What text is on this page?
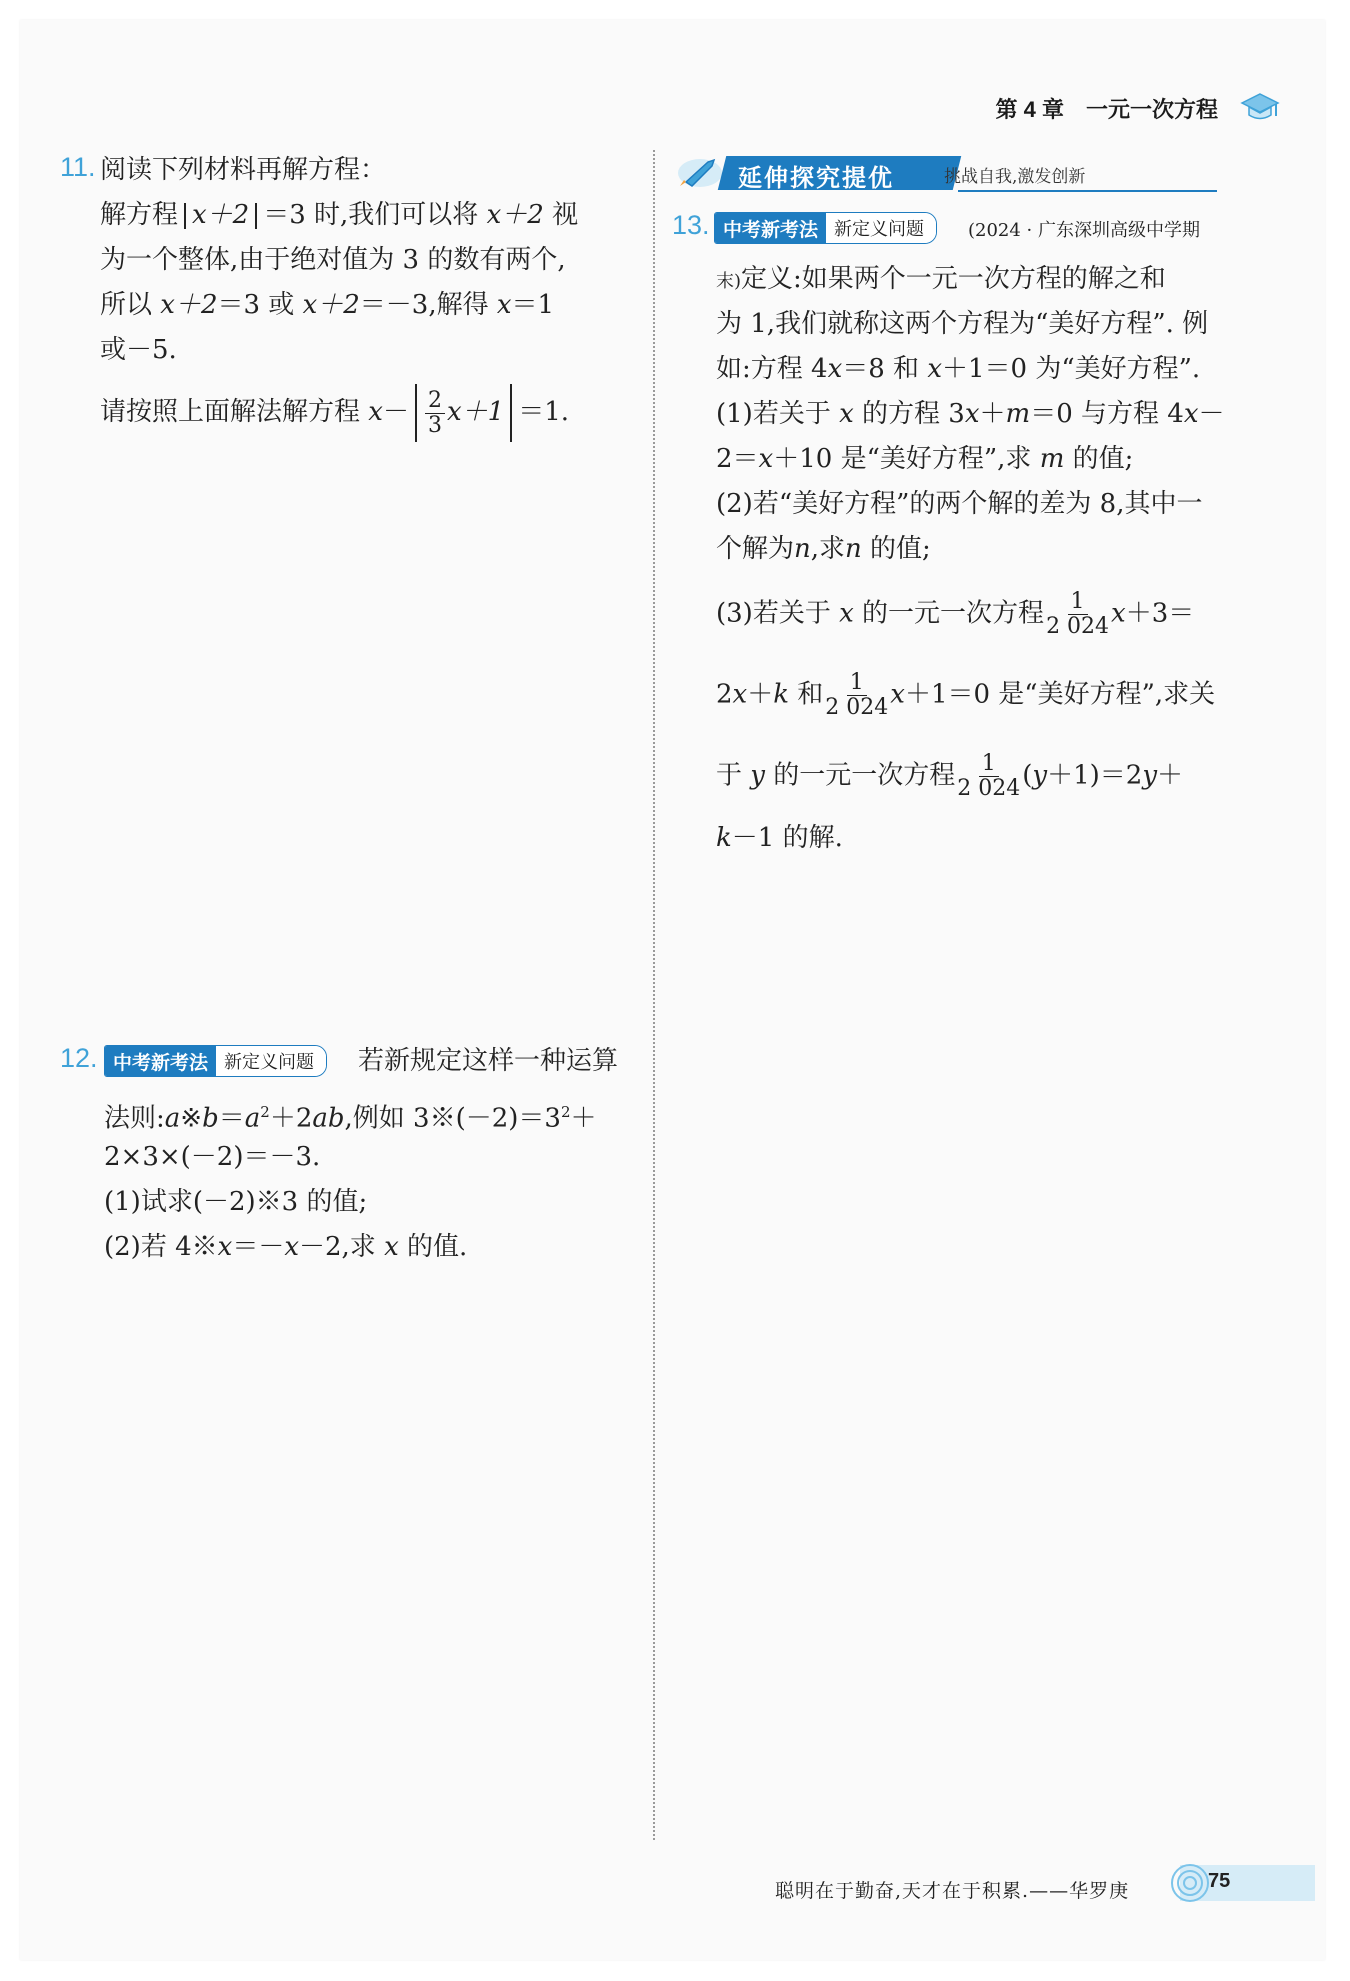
第 4 章 一元一次方程
11. 阅读下列材料再解方程：
解方程 x＋2 ＝3 时,我们可以将 x＋2 视
为一个整体,由于绝对值为 3 的数有两个,
所以 x＋2＝3 或 x＋2＝－3,解得 x＝1
或－5.
请按照上面解法解方程 $x- \frac{2}{3} x+1 =1$.
12. 中考新考法 新定义问题	若新规定这样一种运算
法则$:a※b=a^2+2ab$,例如 $3※(-2)=3^2+$
2×3×(－2)＝－3.
(1)试求(－2)※3 的值;
(2)若 4※x＝－x－2,求 x 的值.
延伸探究提优	挑战自我,激发创新
13. 中考新考法 新定义问题	(2024 · 广东深圳高级中学期
末)定义:如果两个一元一次方程的解之和
为 1,我们就称这两个方程为“美好方程”. 例
如:方程 4x＝8 和 x＋1＝0 为“美好方程”.
(1)若关于 x 的方程 3x＋m＝0 与方程 4x－
2＝x＋10 是“美好方程”,求 m 的值;
(2)若“美好方程”的两个解的差为 8,其中一
个解为n,求n 的值;
(3)若关于 x 的一元一次方程 $\frac{1}{2 024} x+3=$
2x＋k 和 $\frac{1}{2 024} x+1=0$ 是“美好方程”,求关
于 y 的一元一次方程 $\frac{1}{2 024} (y+1)=2y+$
k－1 的解.
聪明在于勤奋,天才在于积累.——华罗庚	75
